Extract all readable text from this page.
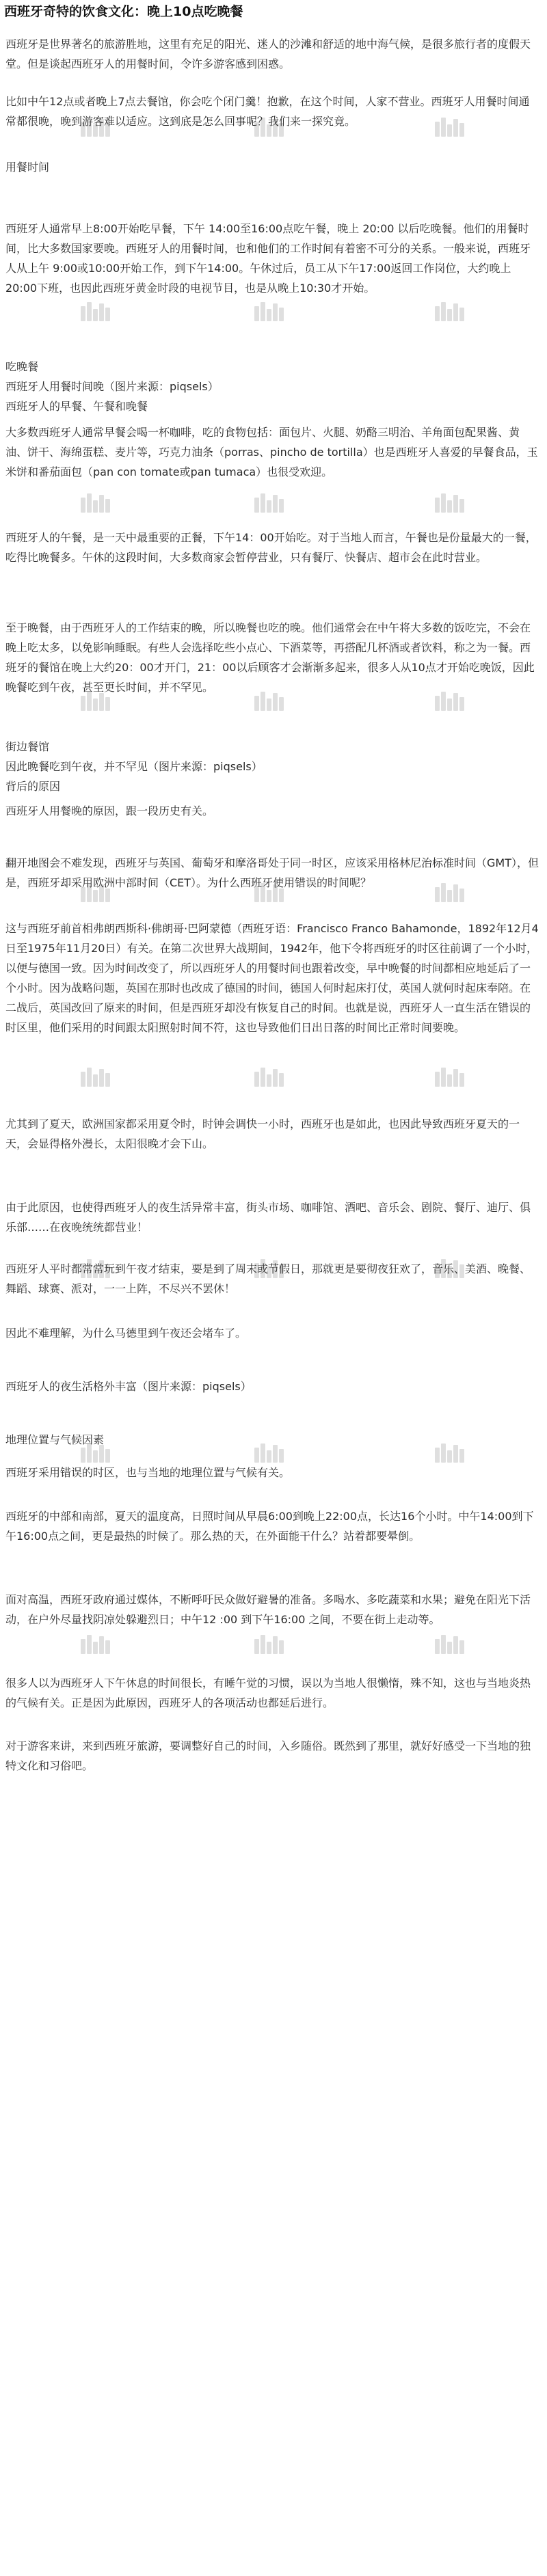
西班牙奇特的饮食文化：晚上10点吃晚餐

西班牙是世界著名的旅游胜地，这里有充足的阳光、迷人的沙滩和舒适的地中海气候，是很多旅行者的度假天堂。但是谈起西班牙人的用餐时间，令许多游客感到困惑。

比如中午12点或者晚上7点去餐馆，你会吃个闭门羹！抱歉，在这个时间，人家不营业。西班牙人用餐时间通常都很晚，晚到游客难以适应。这到底是怎么回事呢？我们来一探究竟。

用餐时间

西班牙人通常早上8:00开始吃早餐，下午 14:00至16:00点吃午餐，晚上 20:00 以后吃晚餐。他们的用餐时间，比大多数国家要晚。西班牙人的用餐时间，也和他们的工作时间有着密不可分的关系。一般来说，西班牙人从上午 9:00或10:00开始工作，到下午14:00。午休过后，员工从下午17:00返回工作岗位，大约晚上 20:00下班，也因此西班牙黄金时段的电视节目，也是从晚上10:30才开始。

吃晚餐
西班牙人用餐时间晚（图片来源：piqsels）
西班牙人的早餐、午餐和晚餐

大多数西班牙人通常早餐会喝一杯咖啡，吃的食物包括：面包片、火腿、奶酪三明治、羊角面包配果酱、黄油、饼干、海绵蛋糕、麦片等，巧克力油条（porras、pincho de tortilla）也是西班牙人喜爱的早餐食品，玉米饼和番茄面包（pan con tomate或pan tumaca）也很受欢迎。

西班牙人的午餐，是一天中最重要的正餐，下午14：00开始吃。对于当地人而言，午餐也是份量最大的一餐，吃得比晚餐多。午休的这段时间，大多数商家会暂停营业，只有餐厅、快餐店、超市会在此时营业。

至于晚餐，由于西班牙人的工作结束的晚，所以晚餐也吃的晚。他们通常会在中午将大多数的饭吃完，不会在晚上吃太多，以免影响睡眠。有些人会选择吃些小点心、下酒菜等，再搭配几杯酒或者饮料，称之为一餐。西班牙的餐馆在晚上大约20：00才开门，21：00以后顾客才会渐渐多起来，很多人从10点才开始吃晚饭，因此晚餐吃到午夜，甚至更长时间，并不罕见。

街边餐馆
因此晚餐吃到午夜，并不罕见（图片来源：piqsels）
背后的原因

西班牙人用餐晚的原因，跟一段历史有关。

翻开地图会不难发现，西班牙与英国、葡萄牙和摩洛哥处于同一时区，应该采用格林尼治标准时间（GMT），但是，西班牙却采用欧洲中部时间（CET）。为什么西班牙使用错误的时间呢？

这与西班牙前首相弗朗西斯科·佛朗哥·巴阿蒙德（西班牙语：Francisco Franco Bahamonde，1892年12月4日至1975年11月20日）有关。在第二次世界大战期间，1942年，他下令将西班牙的时区往前调了一个小时，以便与德国一致。因为时间改变了，所以西班牙人的用餐时间也跟着改变，早中晚餐的时间都相应地延后了一个小时。因为战略问题，英国在那时也改成了德国的时间，德国人何时起床打仗，英国人就何时起床奉陪。在二战后，英国改回了原来的时间，但是西班牙却没有恢复自己的时间。也就是说，西班牙人一直生活在错误的时区里，他们采用的时间跟太阳照射时间不符，这也导致他们日出日落的时间比正常时间要晚。

尤其到了夏天，欧洲国家都采用夏令时，时钟会调快一小时，西班牙也是如此，也因此导致西班牙夏天的一天，会显得格外漫长，太阳很晚才会下山。

由于此原因，也使得西班牙人的夜生活异常丰富，街头市场、咖啡馆、酒吧、音乐会、剧院、餐厅、迪厅、俱乐部……在夜晚统统都营业！

西班牙人平时都常常玩到午夜才结束，要是到了周末或节假日，那就更是要彻夜狂欢了，音乐、美酒、晚餐、舞蹈、球赛、派对，一一上阵，不尽兴不罢休！

因此不难理解，为什么马德里到午夜还会堵车了。

西班牙人的夜生活格外丰富（图片来源：piqsels）

地理位置与气候因素

西班牙采用错误的时区，也与当地的地理位置与气候有关。

西班牙的中部和南部，夏天的温度高，日照时间从早晨6:00到晚上22:00点，长达16个小时。中午14:00到下午16:00点之间，更是最热的时候了。那么热的天，在外面能干什么？站着都要晕倒。

面对高温，西班牙政府通过媒体，不断呼吁民众做好避暑的准备。多喝水、多吃蔬菜和水果；避免在阳光下活动，在户外尽量找阴凉处躲避烈日；中午12 :00 到下午16:00 之间，不要在街上走动等。

很多人以为西班牙人下午休息的时间很长，有睡午觉的习惯，误以为当地人很懒惰，殊不知，这也与当地炎热的气候有关。正是因为此原因，西班牙人的各项活动也都延后进行。

对于游客来讲，来到西班牙旅游，要调整好自己的时间，入乡随俗。既然到了那里，就好好感受一下当地的独特文化和习俗吧。
